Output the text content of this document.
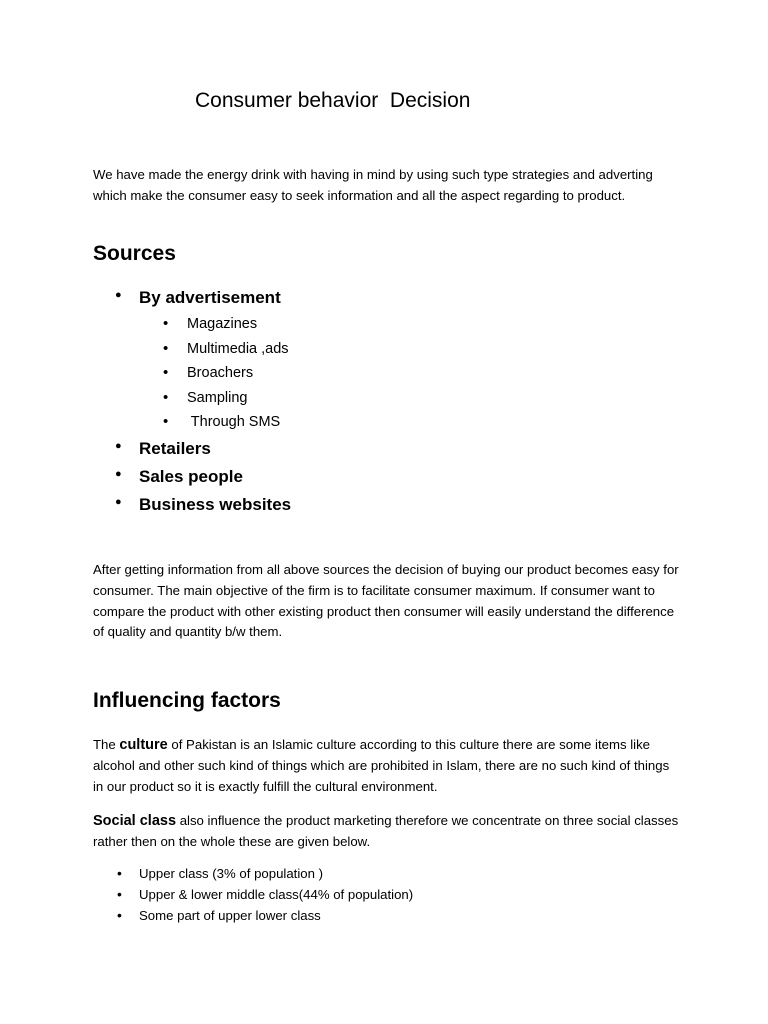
Consumer behavior  Decision

We have made the energy drink with having in mind by using such type strategies and adverting which make the consumer easy to seek information and all the aspect regarding to product.

Sources
● By advertisement
• Magazines
• Multimedia ,ads
• Broachers
• Sampling
•  Through SMS
● Retailers
● Sales people
● Business websites

After getting information from all above sources the decision of buying our product becomes easy for consumer. The main objective of the firm is to facilitate consumer maximum. If consumer want to compare the product with other existing product then consumer will easily understand the difference of quality and quantity b/w them.

Influencing factors

The culture of Pakistan is an Islamic culture according to this culture there are some items like alcohol and other such kind of things which are prohibited in Islam, there are no such kind of things in our product so it is exactly fulfill the cultural environment.

Social class also influence the product marketing therefore we concentrate on three social classes rather then on the whole these are given below.

• Upper class (3% of population )
• Upper & lower middle class(44% of population)
• Some part of upper lower class
